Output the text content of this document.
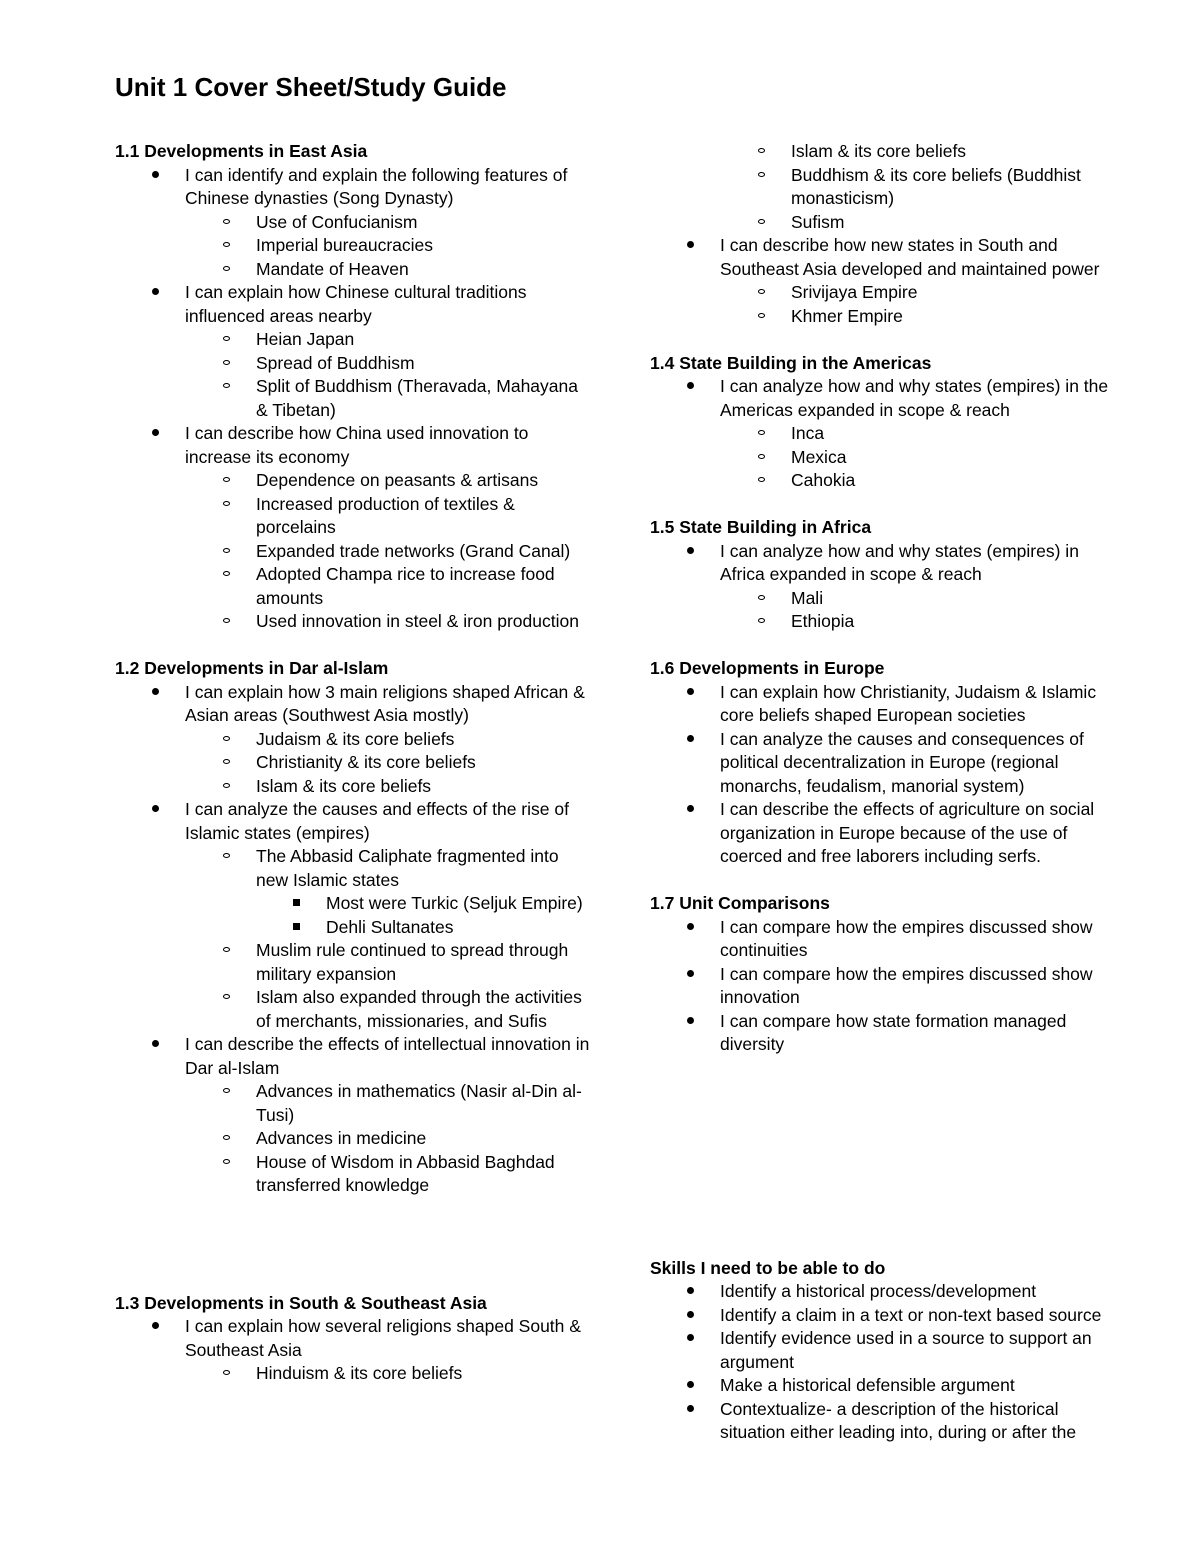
Unit 1 Cover Sheet/Study Guide
1.1 Developments in East Asia
I can identify and explain the following features of Chinese dynasties (Song Dynasty)
Use of Confucianism
Imperial bureaucracies
Mandate of Heaven
I can explain how Chinese cultural traditions influenced areas nearby
Heian Japan
Spread of Buddhism
Split of Buddhism (Theravada, Mahayana & Tibetan)
I can describe how China used innovation to increase its economy
Dependence on peasants & artisans
Increased production of textiles & porcelains
Expanded trade networks (Grand Canal)
Adopted Champa rice to increase food amounts
Used innovation in steel & iron production
1.2 Developments in Dar al-Islam
I can explain how 3 main religions shaped African & Asian areas (Southwest Asia mostly)
Judaism & its core beliefs
Christianity & its core beliefs
Islam & its core beliefs
I can analyze the causes and effects of the rise of Islamic states (empires)
The Abbasid Caliphate fragmented into new Islamic states
Most were Turkic (Seljuk Empire)
Dehli Sultanates
Muslim rule continued to spread through military expansion
Islam also expanded through the activities of merchants, missionaries, and Sufis
I can describe the effects of intellectual innovation in Dar al-Islam
Advances in mathematics (Nasir al-Din al-Tusi)
Advances in medicine
House of Wisdom in Abbasid Baghdad transferred knowledge
1.3 Developments in South & Southeast Asia
I can explain how several religions shaped South & Southeast Asia
Hinduism & its core beliefs
Islam & its core beliefs
Buddhism & its core beliefs (Buddhist monasticism)
Sufism
I can describe how new states in South and Southeast Asia developed and maintained power
Srivijaya Empire
Khmer Empire
1.4 State Building in the Americas
I can analyze how and why states (empires) in the Americas expanded in scope & reach
Inca
Mexica
Cahokia
1.5 State Building in Africa
I can analyze how and why states (empires) in Africa expanded in scope & reach
Mali
Ethiopia
1.6 Developments in Europe
I can explain how Christianity, Judaism & Islamic core beliefs shaped European societies
I can analyze the causes and consequences of political decentralization in Europe (regional monarchs, feudalism, manorial system)
I can describe the effects of agriculture on social organization in Europe because of the use of coerced and free laborers including serfs.
1.7 Unit Comparisons
I can compare how the empires discussed show continuities
I can compare how the empires discussed show innovation
I can compare how state formation managed diversity
Skills I need to be able to do
Identify a historical process/development
Identify a claim in a text or non-text based source
Identify evidence used in a source to support an argument
Make a historical defensible argument
Contextualize- a description of the historical situation either leading into, during or after the
